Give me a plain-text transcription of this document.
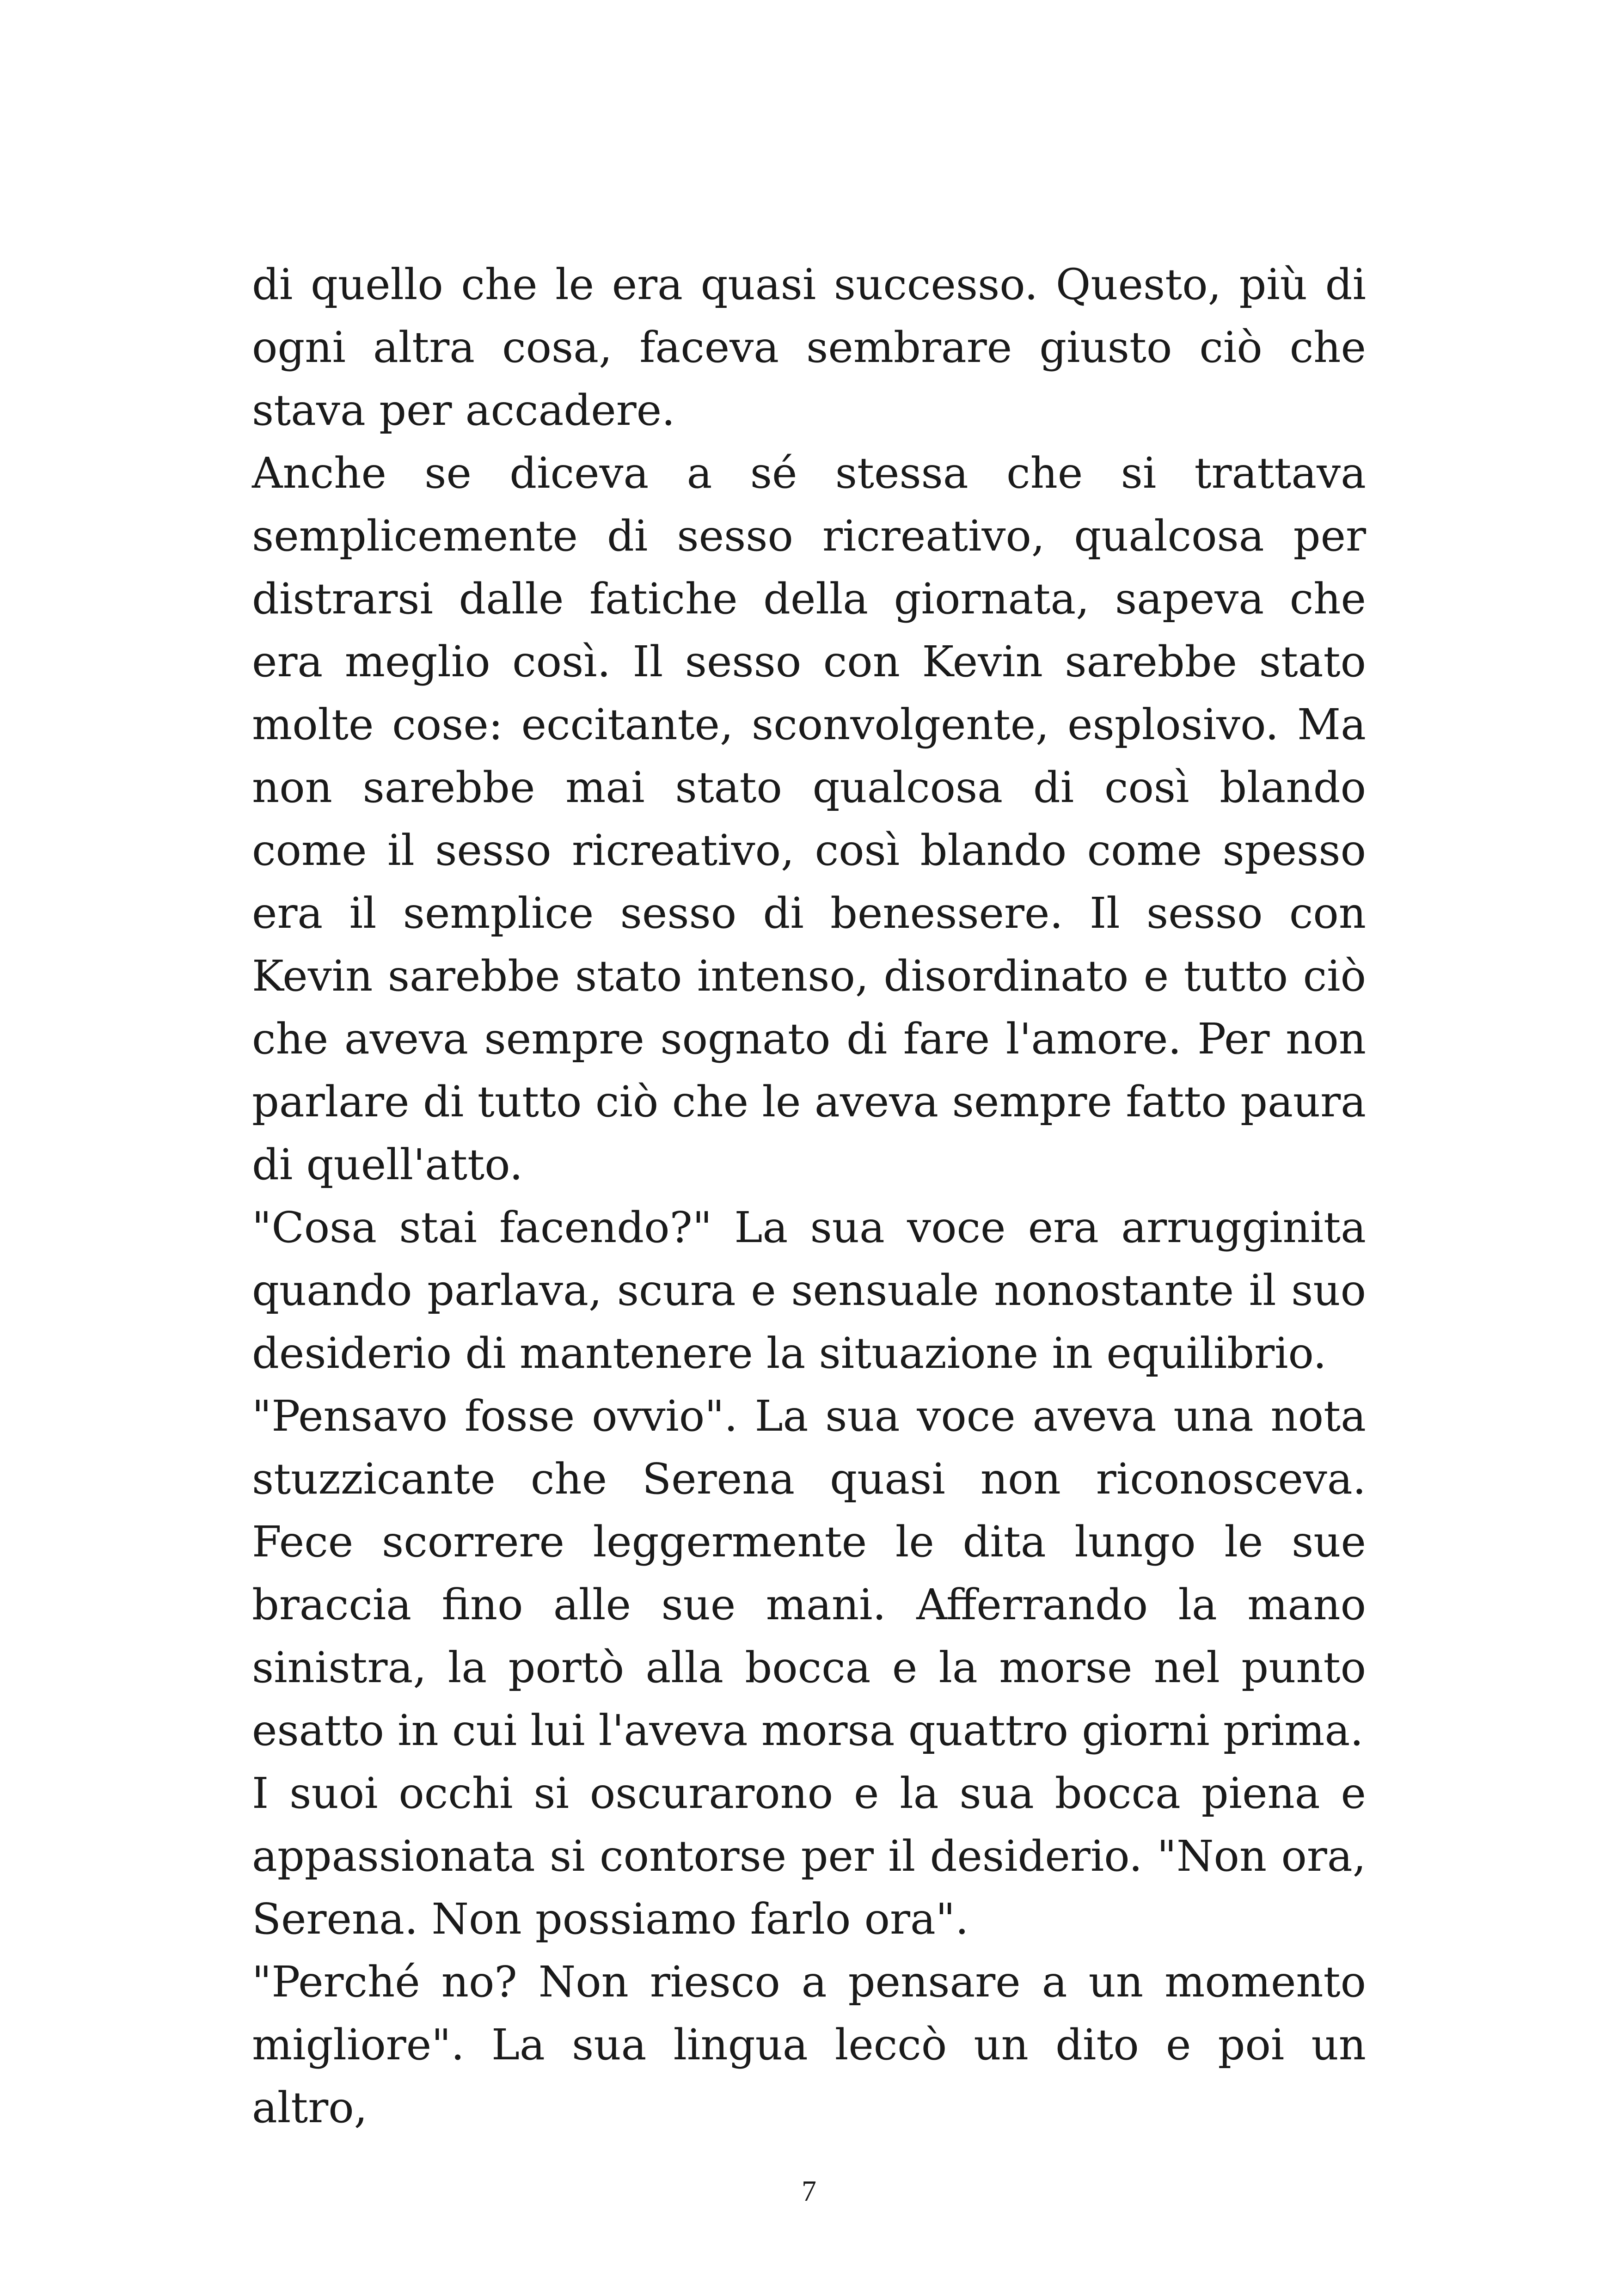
di quello che le era quasi successo. Questo, più di ogni altra cosa, faceva sembrare giusto ciò che stava per accadere.

Anche se diceva a sé stessa che si trattava semplicemente di sesso ricreativo, qualcosa per distrarsi dalle fatiche della giornata, sapeva che era meglio così. Il sesso con Kevin sarebbe stato molte cose: eccitante, sconvolgente, esplosivo. Ma non sarebbe mai stato qualcosa di così blando come il sesso ricreativo, così blando come spesso era il semplice sesso di benessere. Il sesso con Kevin sarebbe stato intenso, disordinato e tutto ciò che aveva sempre sognato di fare l'amore. Per non parlare di tutto ciò che le aveva sempre fatto paura di quell'atto.

"Cosa stai facendo?" La sua voce era arrugginita quando parlava, scura e sensuale nonostante il suo desiderio di mantenere la situazione in equilibrio.

"Pensavo fosse ovvio". La sua voce aveva una nota stuzzicante che Serena quasi non riconosceva. Fece scorrere leggermente le dita lungo le sue braccia fino alle sue mani. Afferrando la mano sinistra, la portò alla bocca e la morse nel punto esatto in cui lui l'aveva morsa quattro giorni prima.

I suoi occhi si oscurarono e la sua bocca piena e appassionata si contorse per il desiderio. "Non ora, Serena. Non possiamo farlo ora".

"Perché no? Non riesco a pensare a un momento migliore". La sua lingua leccò un dito e poi un altro,

7
